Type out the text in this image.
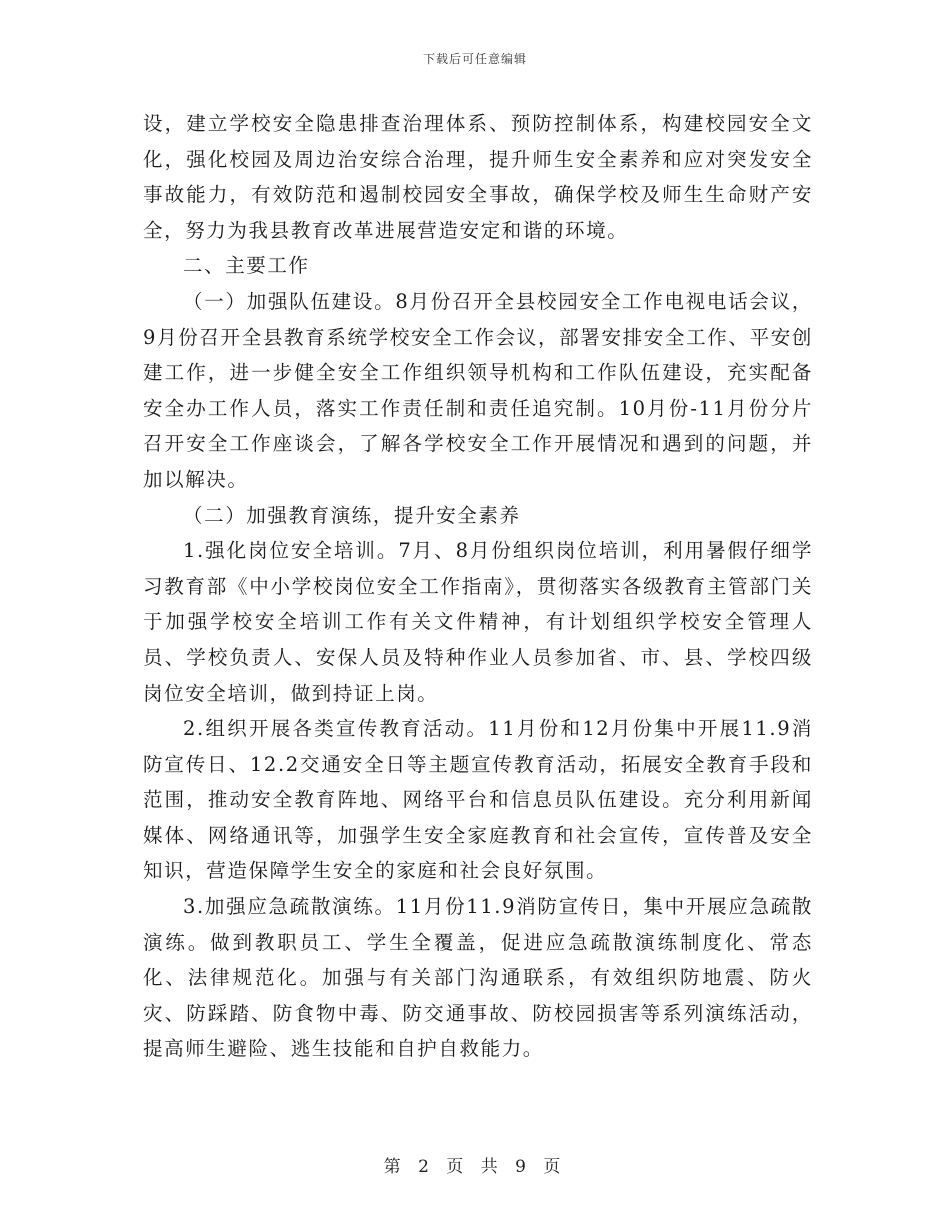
下载后可任意编辑

设，建立学校安全隐患排查治理体系、预防控制体系，构建校园安全文化，强化校园及周边治安综合治理，提升师生安全素养和应对突发安全事故能力，有效防范和遏制校园安全事故，确保学校及师生生命财产安全，努力为我县教育改革进展营造安定和谐的环境。

二、主要工作

（一）加强队伍建设。8月份召开全县校园安全工作电视电话会议，9月份召开全县教育系统学校安全工作会议，部署安排安全工作、平安创建工作，进一步健全安全工作组织领导机构和工作队伍建设，充实配备安全办工作人员，落实工作责任制和责任追究制。10月份-11月份分片召开安全工作座谈会，了解各学校安全工作开展情况和遇到的问题，并加以解决。

（二）加强教育演练，提升安全素养

1.强化岗位安全培训。7月、8月份组织岗位培训，利用暑假仔细学习教育部《中小学校岗位安全工作指南》，贯彻落实各级教育主管部门关于加强学校安全培训工作有关文件精神，有计划组织学校安全管理人员、学校负责人、安保人员及特种作业人员参加省、市、县、学校四级岗位安全培训，做到持证上岗。

2.组织开展各类宣传教育活动。11月份和12月份集中开展11.9消防宣传日、12.2交通安全日等主题宣传教育活动，拓展安全教育手段和范围，推动安全教育阵地、网络平台和信息员队伍建设。充分利用新闻媒体、网络通讯等，加强学生安全家庭教育和社会宣传，宣传普及安全知识，营造保障学生安全的家庭和社会良好氛围。

3.加强应急疏散演练。11月份11.9消防宣传日，集中开展应急疏散演练。做到教职员工、学生全覆盖，促进应急疏散演练制度化、常态化、法律规范化。加强与有关部门沟通联系，有效组织防地震、防火灾、防踩踏、防食物中毒、防交通事故、防校园损害等系列演练活动，提高师生避险、逃生技能和自护自救能力。

第 2 页 共 9 页
